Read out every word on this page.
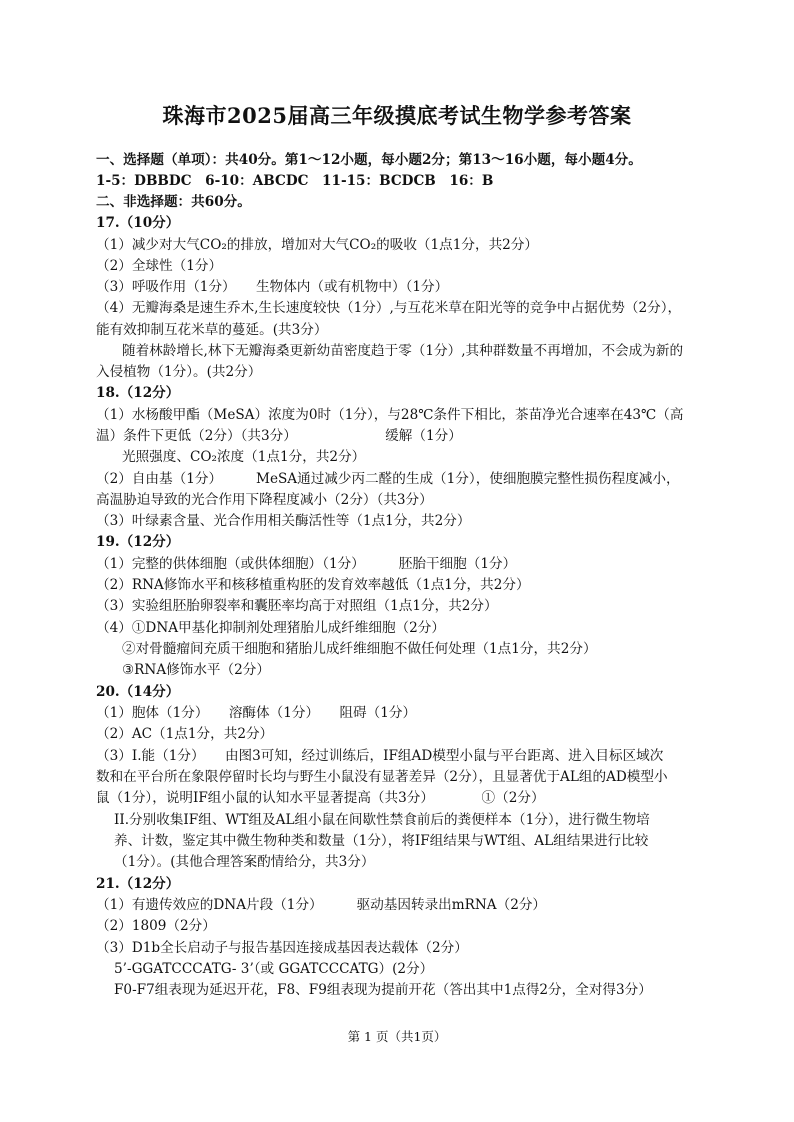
珠海市2025届高三年级摸底考试生物学参考答案
一、选择题（单项）：共40分。第1～12小题，每小题2分；第13～16小题，每小题4分。
1-5：DBBDC　6-10：ABCDC　11-15：BCDCB　16：B
二、非选择题：共60分。
17.（10分）
（1）减少对大气CO₂的排放，增加对大气CO₂的吸收（1点1分，共2分）
（2）全球性（1分）
（3）呼吸作用（1分）　　生物体内（或有机物中）（1分）
（4）无瓣海桑是速生乔木,生长速度较快（1分）,与互花米草在阳光等的竞争中占据优势（2分），
能有效抑制互花米草的蔓延。(共3分）
随着林龄增长,林下无瓣海桑更新幼苗密度趋于零（1分）,其种群数量不再增加，不会成为新的
入侵植物（1分）。(共2分）
18.（12分）
（1）水杨酸甲酯（MeSA）浓度为0时（1分），与28℃条件下相比，茶苗净光合速率在43℃（高
温）条件下更低（2分）（共3分）　　　　　　　缓解（1分）
光照强度、CO₂浓度（1点1分，共2分）
（2）自由基（1分）　　　MeSA通过减少丙二醛的生成（1分），使细胞膜完整性损伤程度减小，
高温胁迫导致的光合作用下降程度减小（2分）（共3分）
（3）叶绿素含量、光合作用相关酶活性等（1点1分，共2分）
19.（12分）
（1）完整的供体细胞（或供体细胞）（1分）　　　胚胎干细胞（1分）
（2）RNA修饰水平和核移植重构胚的发育效率越低（1点1分，共2分）
（3）实验组胚胎卵裂率和囊胚率均高于对照组（1点1分，共2分）
（4）①DNA甲基化抑制剂处理猪胎儿成纤维细胞（2分）
②对骨髓瘤间充质干细胞和猪胎儿成纤维细胞不做任何处理（1点1分，共2分）
③RNA修饰水平（2分）
20.（14分）
（1）胞体（1分）　　溶酶体（1分）　　阻碍（1分）
（2）AC（1点1分，共2分）
（3）I.能（1分）　　由图3可知，经过训练后，IF组AD模型小鼠与平台距离、进入目标区域次
数和在平台所在象限停留时长均与野生小鼠没有显著差异（2分），且显著优于AL组的AD模型小
鼠（1分），说明IF组小鼠的认知水平显著提高（共3分）　　　　①（2分）
II.分别收集IF组、WT组及AL组小鼠在间歇性禁食前后的粪便样本（1分），进行微生物培
养、计数，鉴定其中微生物种类和数量（1分），将IF组结果与WT组、AL组结果进行比较
（1分）。(其他合理答案酌情给分，共3分）
21.（12分）
（1）有遗传效应的DNA片段（1分）　　　驱动基因转录出mRNA（2分）
（2）1809（2分）
（3）D1b全长启动子与报告基因连接成基因表达载体（2分）
5’-GGATCCCATG- 3’（或 GGATCCCATG）(2分）
F0-F7组表现为延迟开花，F8、F9组表现为提前开花（答出其中1点得2分，全对得3分）
第 1 页（共1页）
